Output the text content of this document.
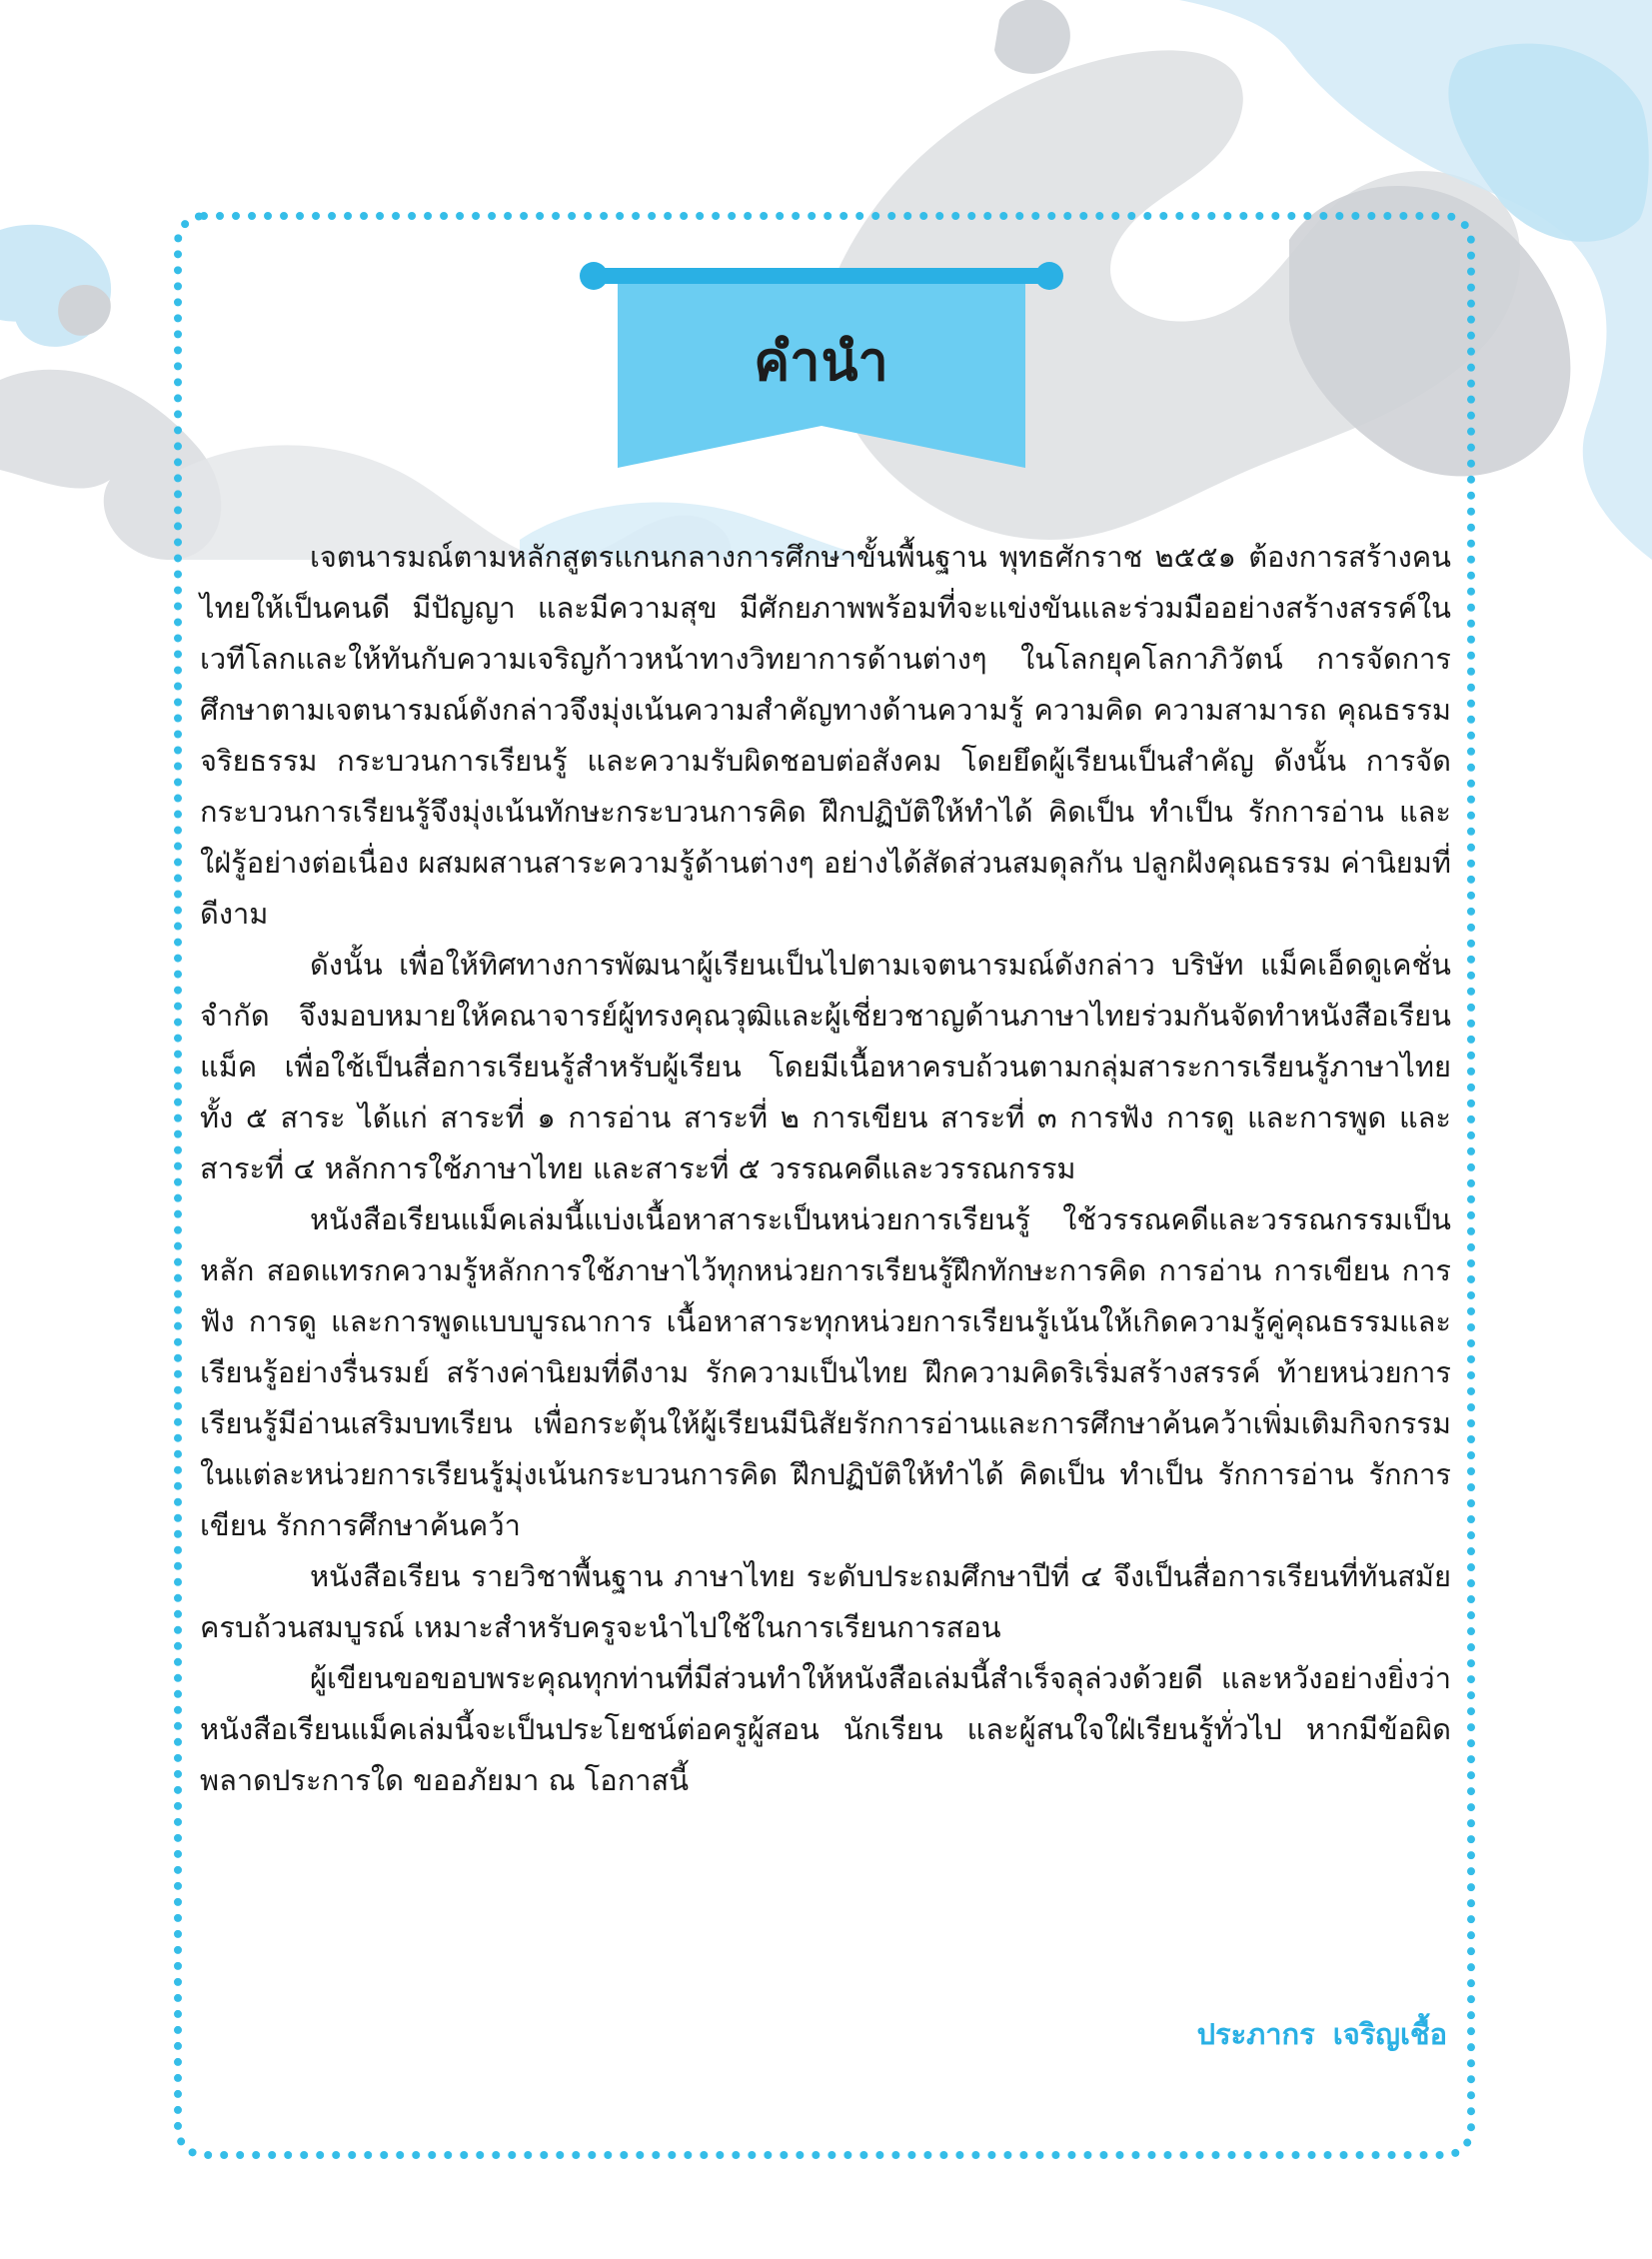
คำนำ

เจตนารมณ์ตามหลักสูตรแกนกลางการศึกษาขั้นพื้นฐาน พุทธศักราช ๒๕๕๑ ต้องการสร้างคนไทยให้เป็นคนดี มีปัญญา และมีความสุข มีศักยภาพพร้อมที่จะแข่งขันและร่วมมืออย่างสร้างสรรค์ในเวทีโลกและให้ทันกับความเจริญก้าวหน้าทางวิทยาการด้านต่างๆ ในโลกยุคโลกาภิวัตน์ การจัดการศึกษาตามเจตนารมณ์ดังกล่าวจึงมุ่งเน้นความสำคัญทางด้านความรู้ ความคิด ความสามารถ คุณธรรม จริยธรรม กระบวนการเรียนรู้ และความรับผิดชอบต่อสังคม โดยยึดผู้เรียนเป็นสำคัญ ดังนั้น การจัดกระบวนการเรียนรู้จึงมุ่งเน้นทักษะกระบวนการคิด ฝึกปฏิบัติให้ทำได้ คิดเป็น ทำเป็น รักการอ่าน และใฝ่รู้อย่างต่อเนื่อง ผสมผสานสาระความรู้ด้านต่างๆ อย่างได้สัดส่วนสมดุลกัน ปลูกฝังคุณธรรม ค่านิยมที่ดีงาม

ดังนั้น เพื่อให้ทิศทางการพัฒนาผู้เรียนเป็นไปตามเจตนารมณ์ดังกล่าว บริษัท แม็คเอ็ดดูเคชั่น จำกัด จึงมอบหมายให้คณาจารย์ผู้ทรงคุณวุฒิและผู้เชี่ยวชาญด้านภาษาไทยร่วมกันจัดทำหนังสือเรียนแม็ค เพื่อใช้เป็นสื่อการเรียนรู้สำหรับผู้เรียน โดยมีเนื้อหาครบถ้วนตามกลุ่มสาระการเรียนรู้ภาษาไทย ทั้ง ๕ สาระ ได้แก่ สาระที่ ๑ การอ่าน สาระที่ ๒ การเขียน สาระที่ ๓ การฟัง การดู และการพูด และสาระที่ ๔ หลักการใช้ภาษาไทย และสาระที่ ๕ วรรณคดีและวรรณกรรม

หนังสือเรียนแม็คเล่มนี้แบ่งเนื้อหาสาระเป็นหน่วยการเรียนรู้ ใช้วรรณคดีและวรรณกรรมเป็นหลัก สอดแทรกความรู้หลักการใช้ภาษาไว้ทุกหน่วยการเรียนรู้ฝึกทักษะการคิด การอ่าน การเขียน การฟัง การดู และการพูดแบบบูรณาการ เนื้อหาสาระทุกหน่วยการเรียนรู้เน้นให้เกิดความรู้คู่คุณธรรมและเรียนรู้อย่างรื่นรมย์ สร้างค่านิยมที่ดีงาม รักความเป็นไทย ฝึกความคิดริเริ่มสร้างสรรค์ ท้ายหน่วยการเรียนรู้มีอ่านเสริมบทเรียน เพื่อกระตุ้นให้ผู้เรียนมีนิสัยรักการอ่านและการศึกษาค้นคว้าเพิ่มเติมกิจกรรมในแต่ละหน่วยการเรียนรู้มุ่งเน้นกระบวนการคิด ฝึกปฏิบัติให้ทำได้ คิดเป็น ทำเป็น รักการอ่าน รักการเขียน รักการศึกษาค้นคว้า

หนังสือเรียน รายวิชาพื้นฐาน ภาษาไทย ระดับประถมศึกษาปีที่ ๔ จึงเป็นสื่อการเรียนที่ทันสมัยครบถ้วนสมบูรณ์ เหมาะสำหรับครูจะนำไปใช้ในการเรียนการสอน

ผู้เขียนขอขอบพระคุณทุกท่านที่มีส่วนทำให้หนังสือเล่มนี้สำเร็จลุล่วงด้วยดี และหวังอย่างยิ่งว่าหนังสือเรียนแม็คเล่มนี้จะเป็นประโยชน์ต่อครูผู้สอน นักเรียน และผู้สนใจใฝ่เรียนรู้ทั่วไป หากมีข้อผิดพลาดประการใด ขออภัยมา ณ โอกาสนี้

ประภากร เจริญเชื้อ
